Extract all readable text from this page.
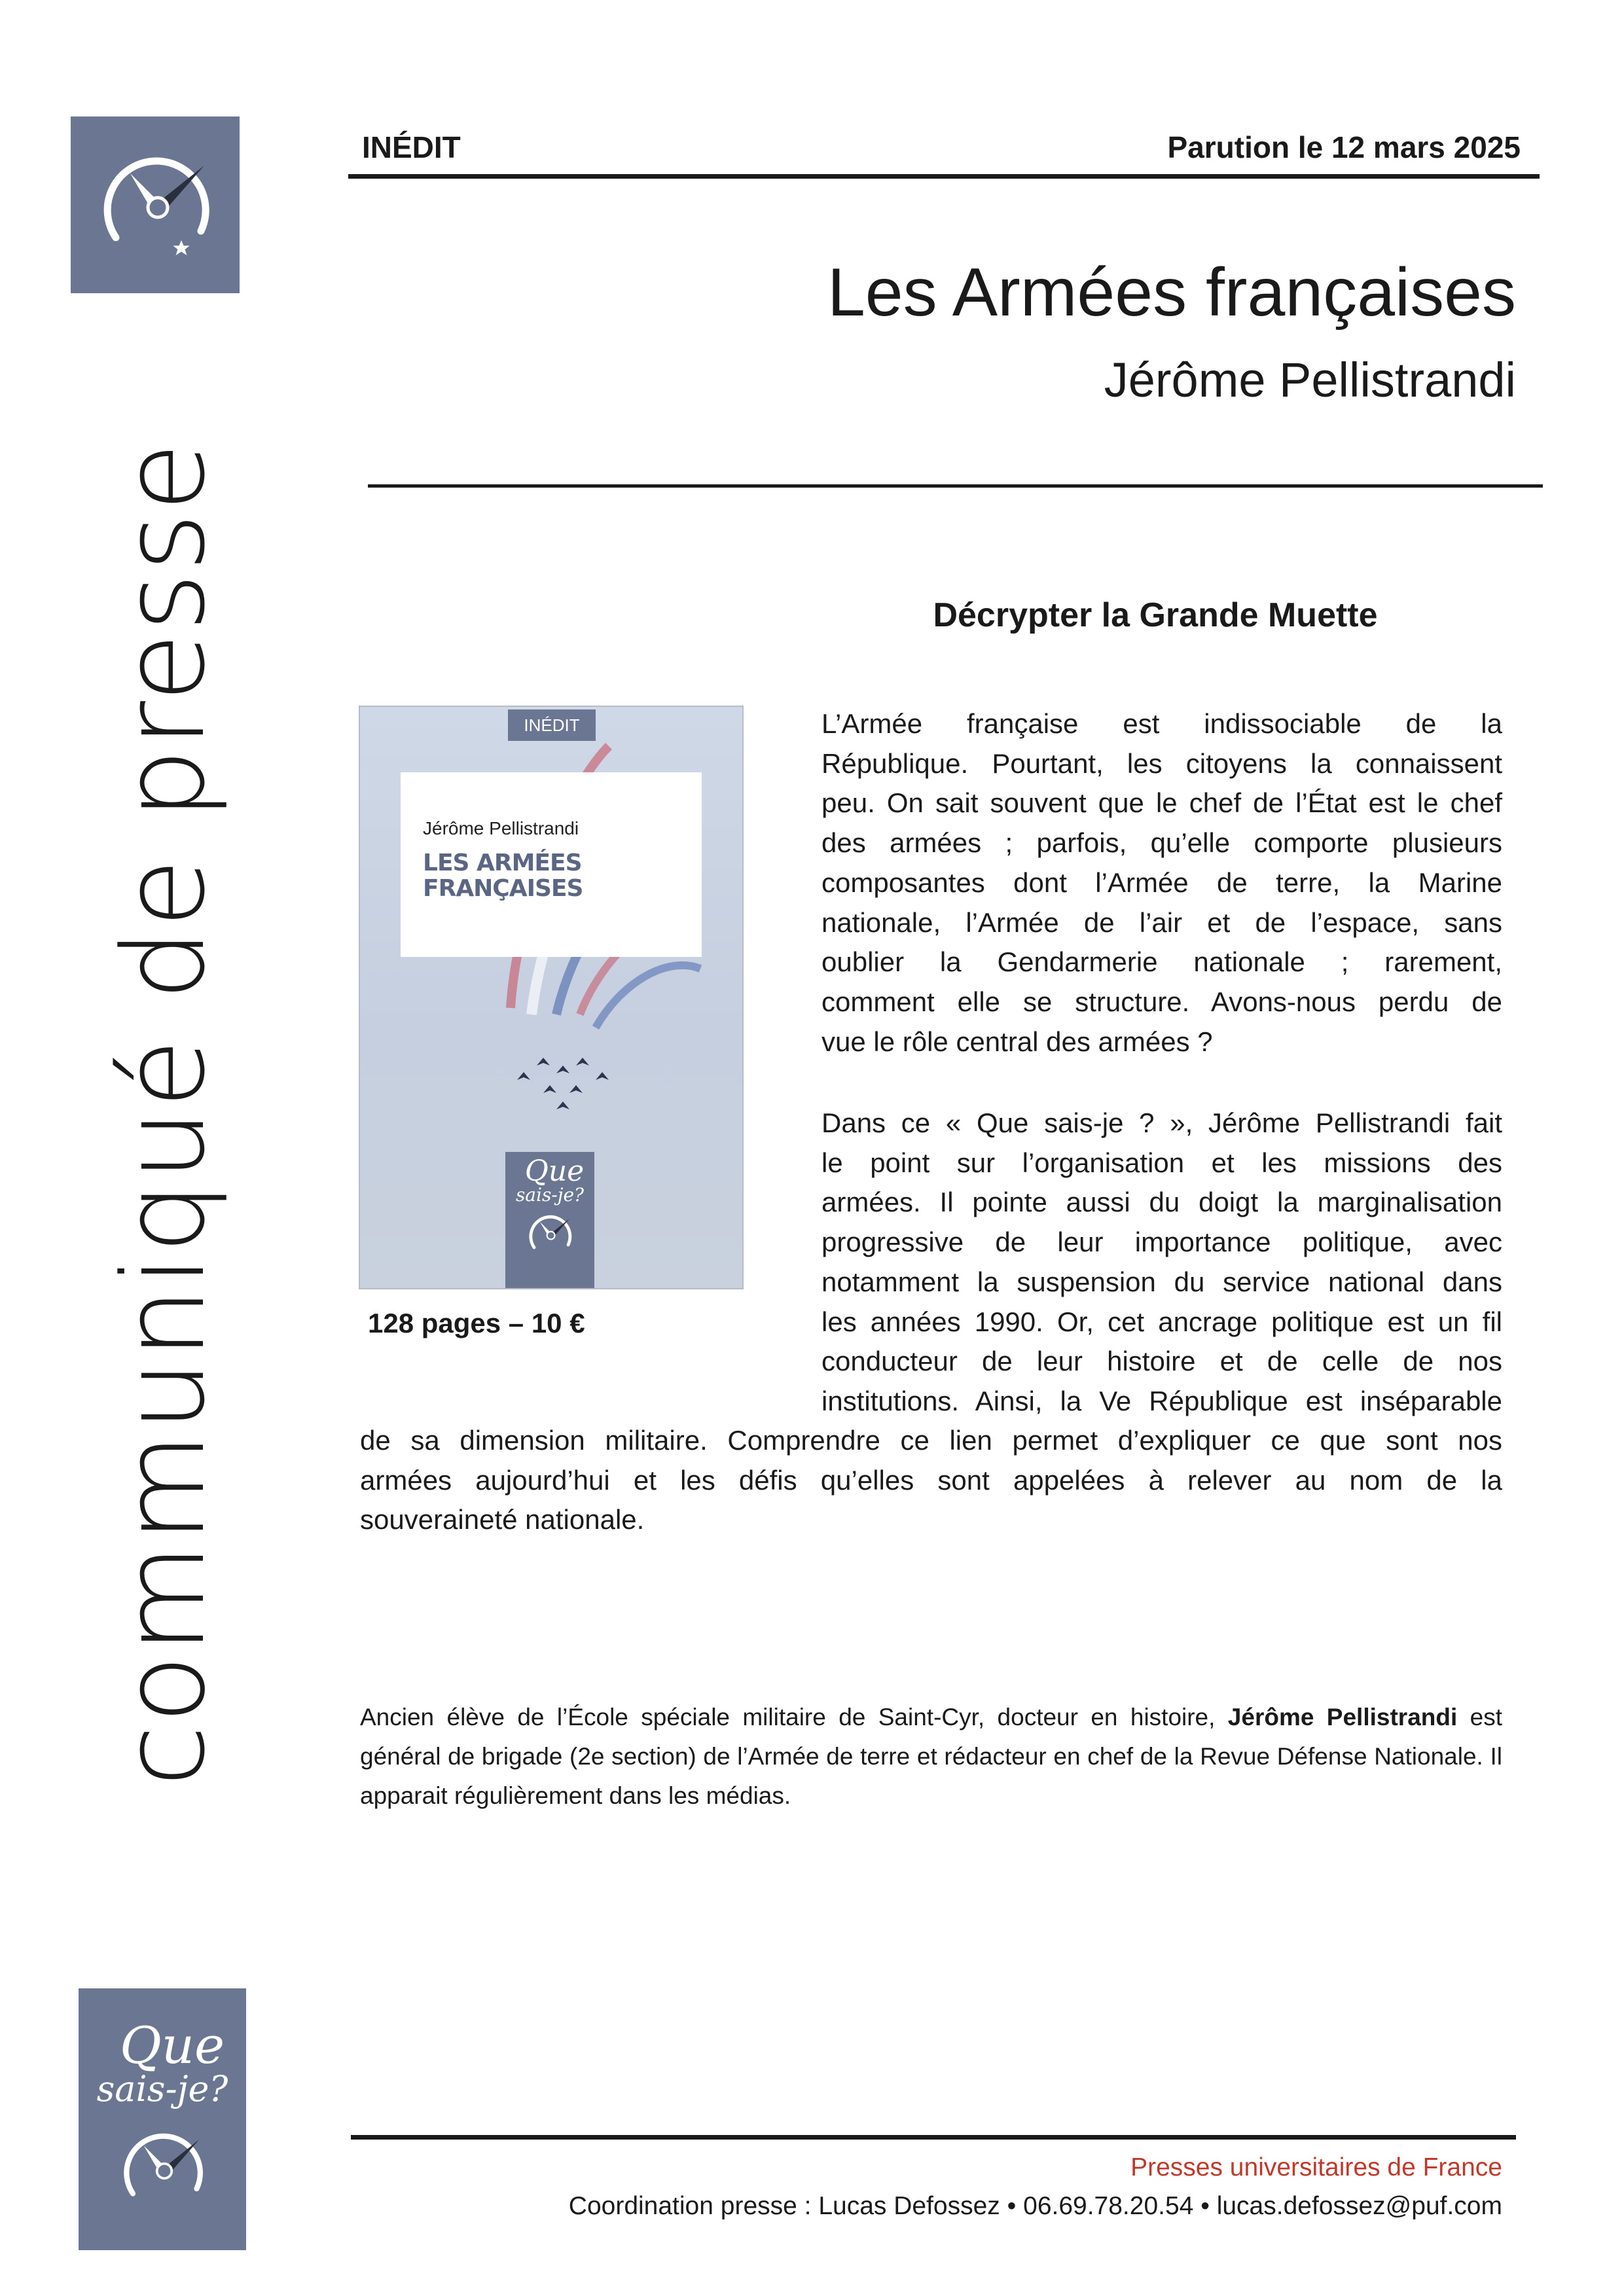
communiqué de presse
Que
sais-je?
INÉDIT	Parution le 12 mars 2025
Les Armées françaises
Jérôme Pellistrandi
Décrypter la Grande Muette
INÉDIT
Jérôme Pellistrandi
LES ARMÉES FRANÇAISES
Que
sais-je?
128 pages – 10 €

L’Armée française est indissociable de la

République. Pourtant, les citoyens la connaissent

peu. On sait souvent que le chef de l’État est le chef

des armées ; parfois, qu’elle comporte plusieurs

composantes dont l’Armée de terre, la Marine

nationale, l’Armée de l’air et de l’espace, sans

oublier la Gendarmerie nationale ; rarement,

comment elle se structure. Avons-nous perdu de

vue le rôle central des armées ?

Dans ce « Que sais-je ? », Jérôme Pellistrandi fait

le point sur l’organisation et les missions des

armées. Il pointe aussi du doigt la marginalisation

progressive de leur importance politique, avec

notamment la suspension du service national dans

les années 1990. Or, cet ancrage politique est un fil

conducteur de leur histoire et de celle de nos

institutions. Ainsi, la Ve République est inséparable

de sa dimension militaire. Comprendre ce lien permet d’expliquer ce que sont nos

armées aujourd’hui et les défis qu’elles sont appelées à relever au nom de la

souveraineté nationale.

Ancien élève de l’École spéciale militaire de Saint-Cyr, docteur en histoire, Jérôme Pellistrandi est général de brigade (2e section) de l’Armée de terre et rédacteur en chef de la Revue Défense Nationale. Il apparait régulièrement dans les médias.

Presses universitaires de France
Coordination presse : Lucas Defossez • 06.69.78.20.54 • lucas.defossez@puf.com
